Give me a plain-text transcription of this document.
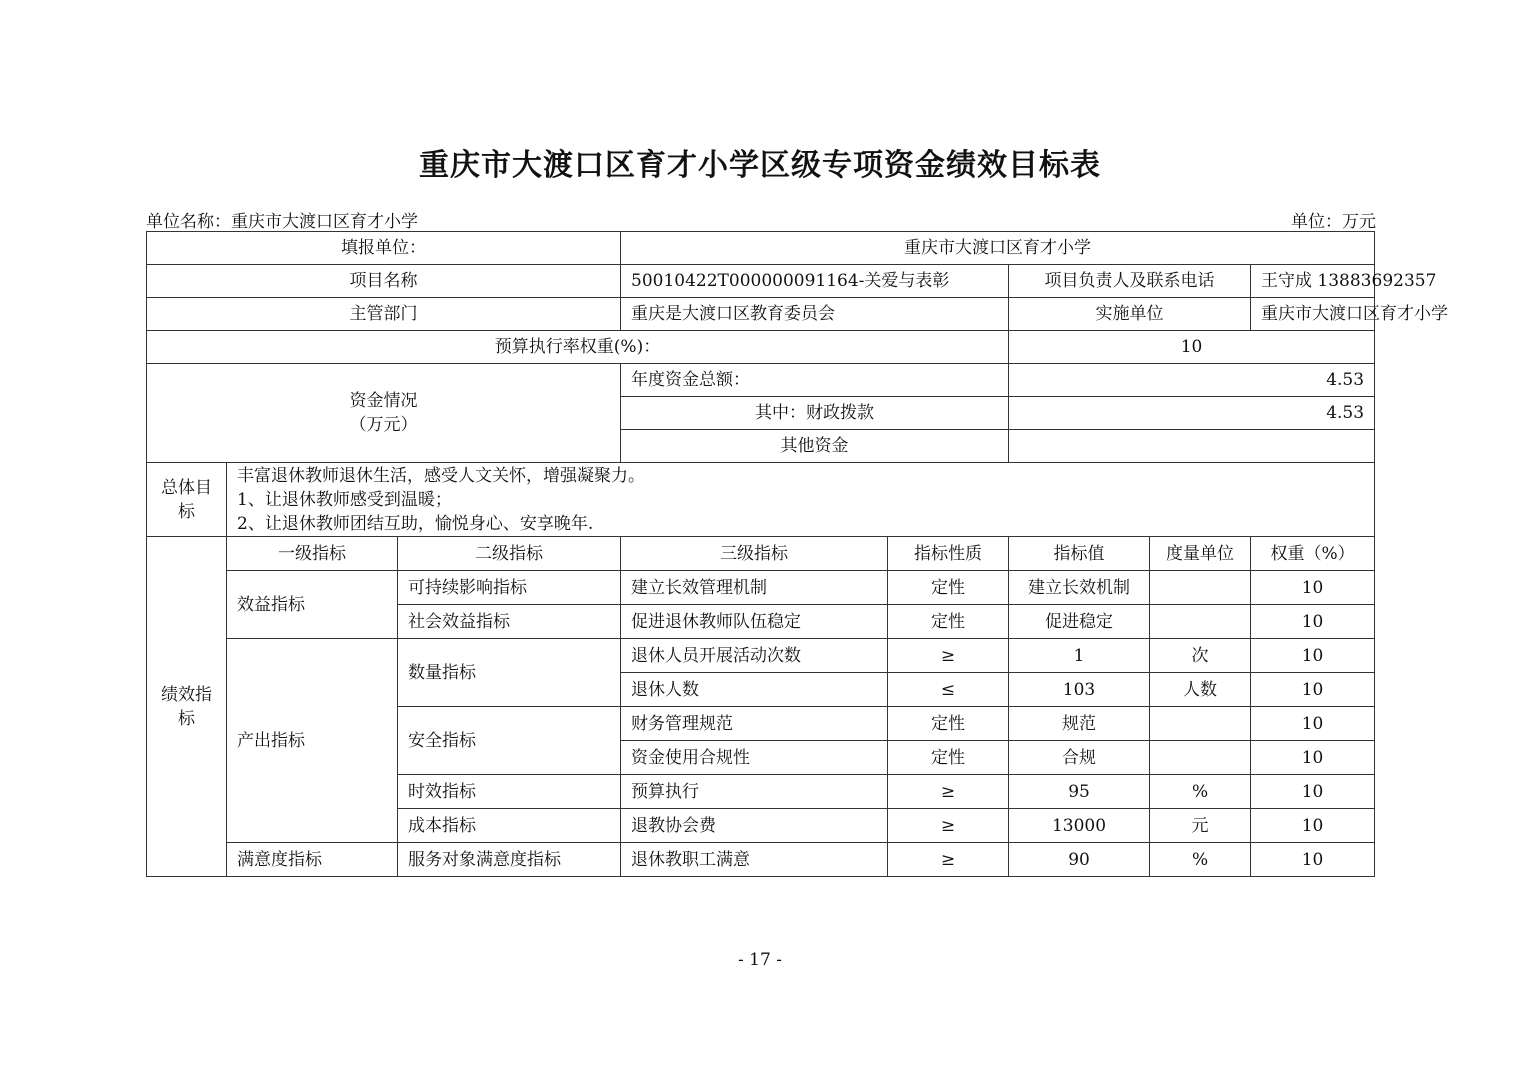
重庆市大渡口区育才小学区级专项资金绩效目标表
单位名称：重庆市大渡口区育才小学	单位：万元
填报单位：			重庆市大渡口区育才小学				
项目名称			50010422T000000091164-关爱与表彰		项目负责人及联系电话		王守成 13883692357
主管部门			重庆是大渡口区教育委员会		实施单位		重庆市大渡口区育才小学
预算执行率权重(%)：					10		

资金情况
（万元）			年度资金总额：		4.53		
			其中：财政拨款		4.53		
			其他资金				

总体目
标	丰富退休教师退休生活，感受人文关怀，增强凝聚力。
1、让退休教师感受到温暖；
2、让退休教师团结互助，愉悦身心、安享晚年.						

绩效指
标	一级指标	二级指标	三级指标	指标性质	指标值	度量单位	权重（%）
	效益指标	可持续影响指标	建立长效管理机制	定性	建立长效机制		10
		社会效益指标	促进退休教师队伍稳定	定性	促进稳定		10
	产出指标	数量指标	退休人员开展活动次数	≥	1	次	10
			退休人数	≤	103	人数	10
		安全指标	财务管理规范	定性	规范		10
			资金使用合规性	定性	合规		10
		时效指标	预算执行	≥	95	%	10
		成本指标	退教协会费	≥	13000	元	10
	满意度指标	服务对象满意度指标	退休教职工满意	≥	90	%	10
- 17 -
